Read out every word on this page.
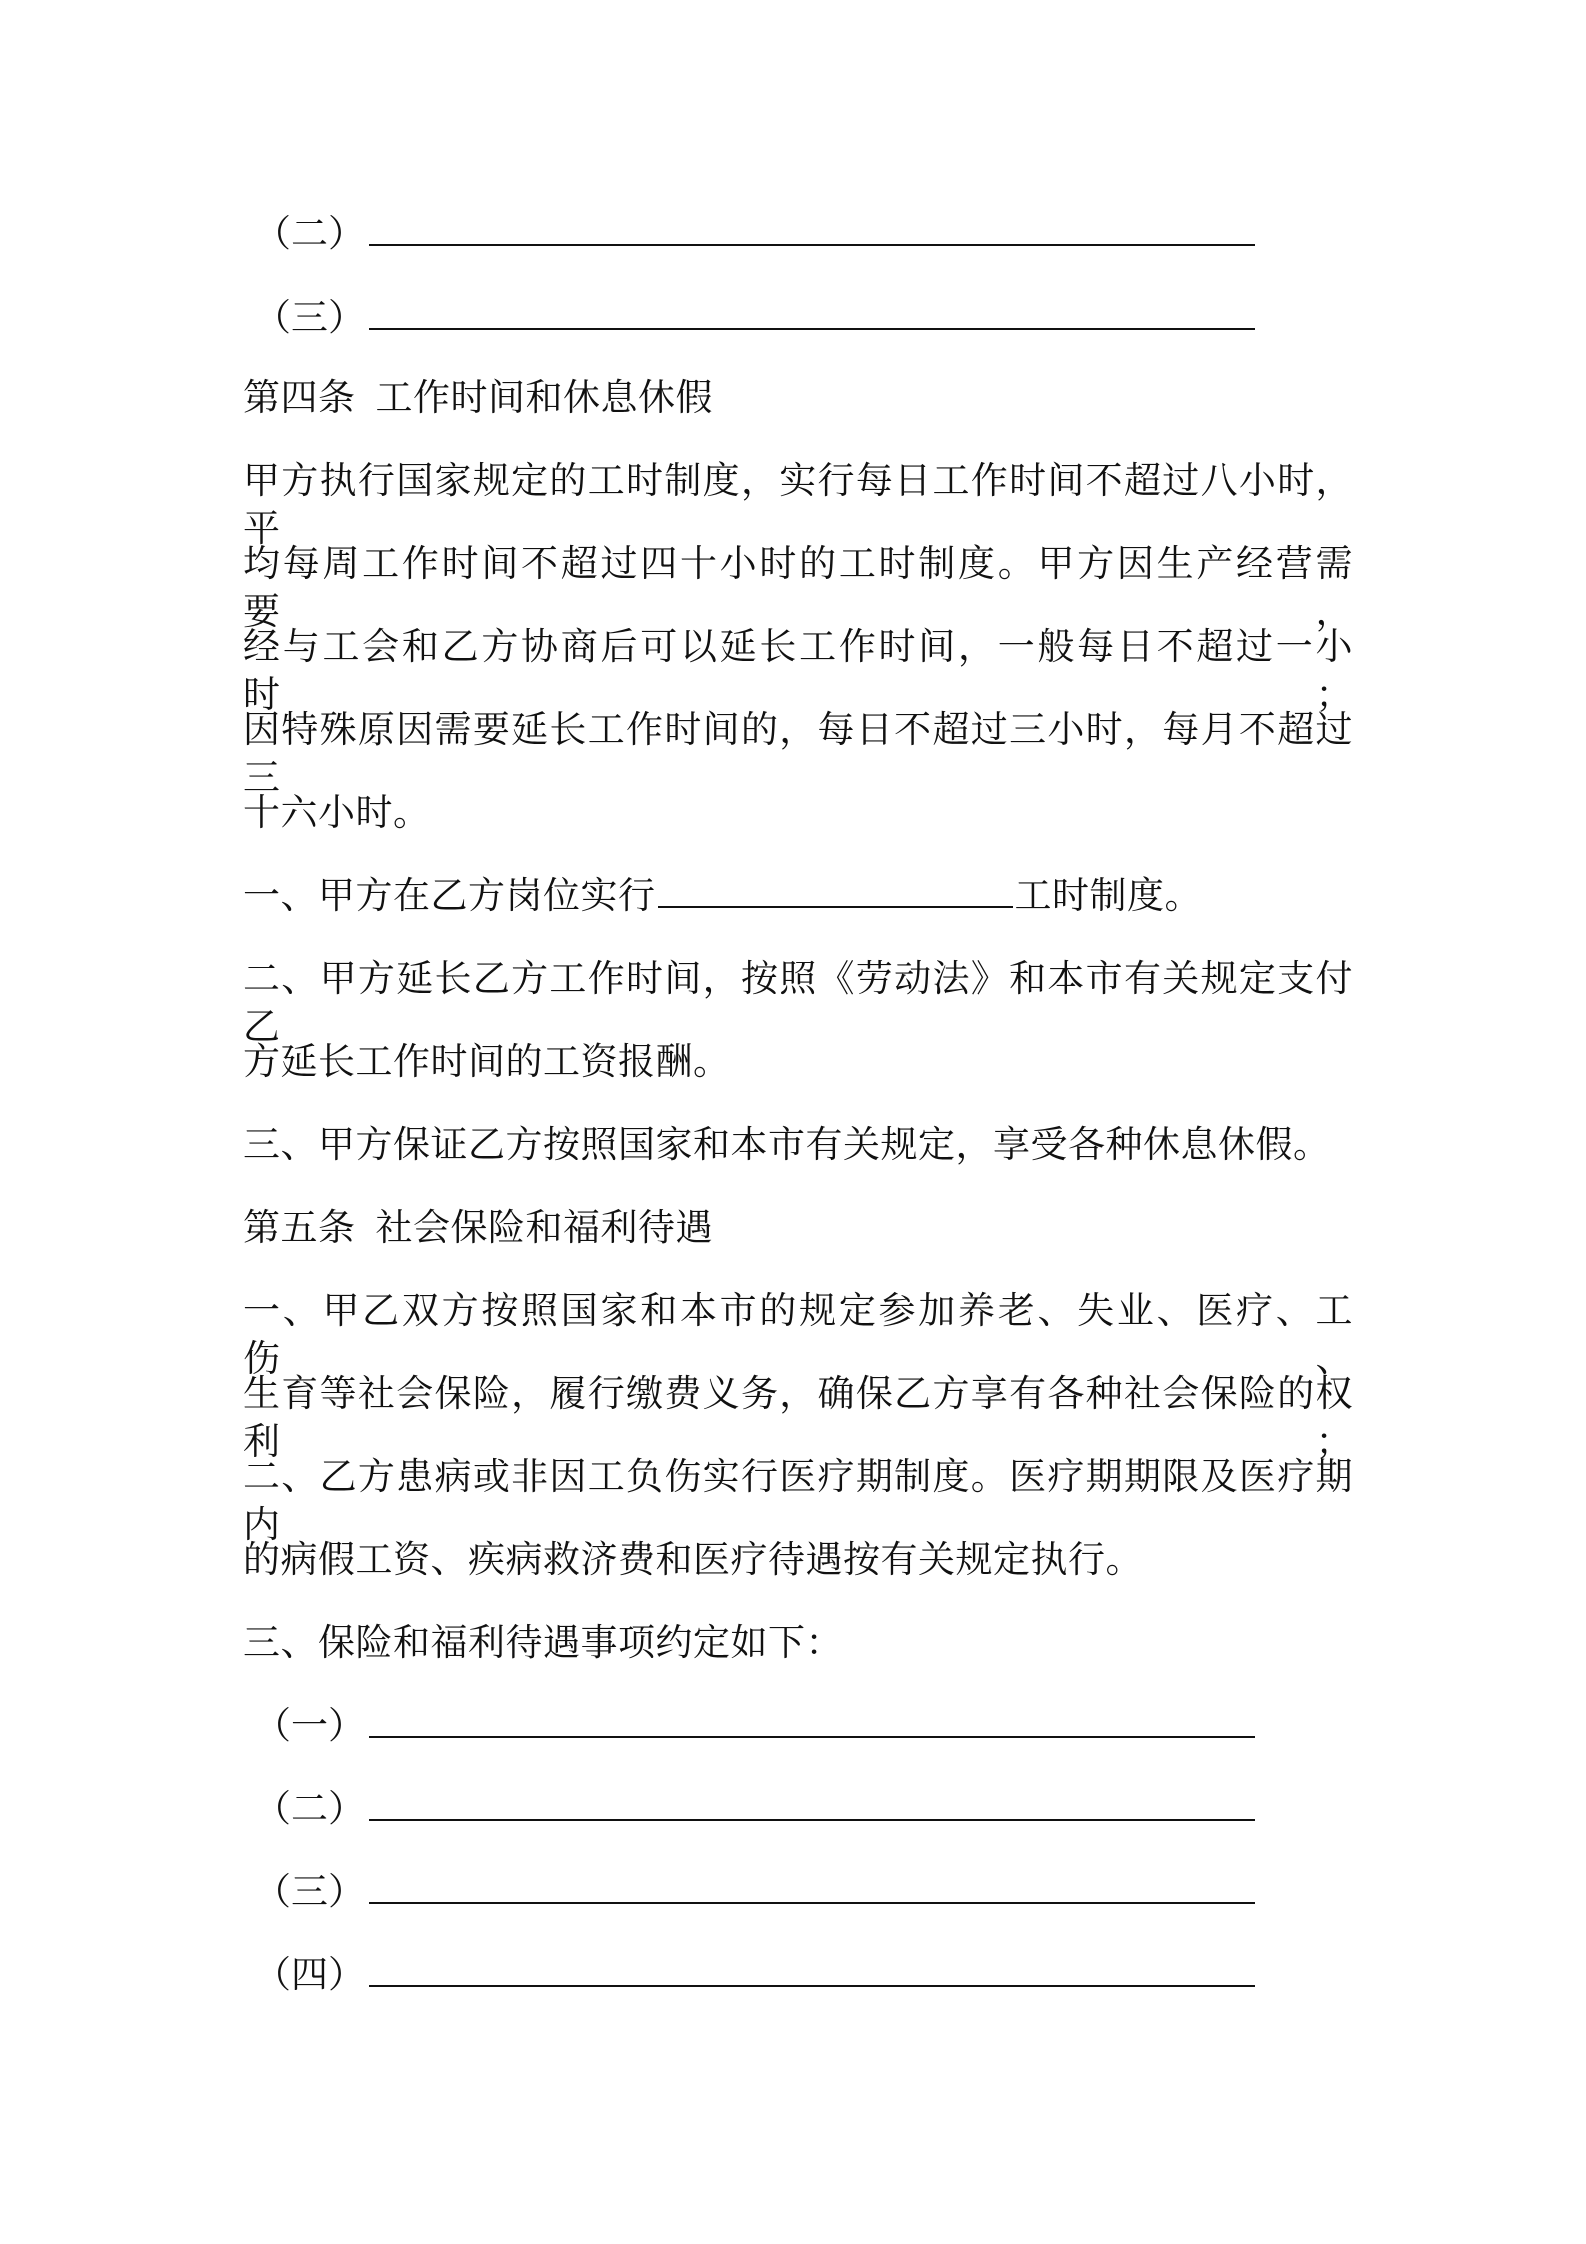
（二）
（三）
第四条 工作时间和休息休假
甲方执行国家规定的工时制度，实行每日工作时间不超过八小时，平
均每周工作时间不超过四十小时的工时制度。甲方因生产经营需要，
经与工会和乙方协商后可以延长工作时间，一般每日不超过一小时；
因特殊原因需要延长工作时间的，每日不超过三小时，每月不超过三
十六小时。
一、甲方在乙方岗位实行	工时制度。
二、甲方延长乙方工作时间，按照《劳动法》和本市有关规定支付乙
方延长工作时间的工资报酬。
三、甲方保证乙方按照国家和本市有关规定，享受各种休息休假。
第五条 社会保险和福利待遇
一、甲乙双方按照国家和本市的规定参加养老、失业、医疗、工伤、
生育等社会保险，履行缴费义务，确保乙方享有各种社会保险的权利；
二、乙方患病或非因工负伤实行医疗期制度。医疗期期限及医疗期内
的病假工资、疾病救济费和医疗待遇按有关规定执行。
三、保险和福利待遇事项约定如下：
（一）
（二）
（三）
（四）
